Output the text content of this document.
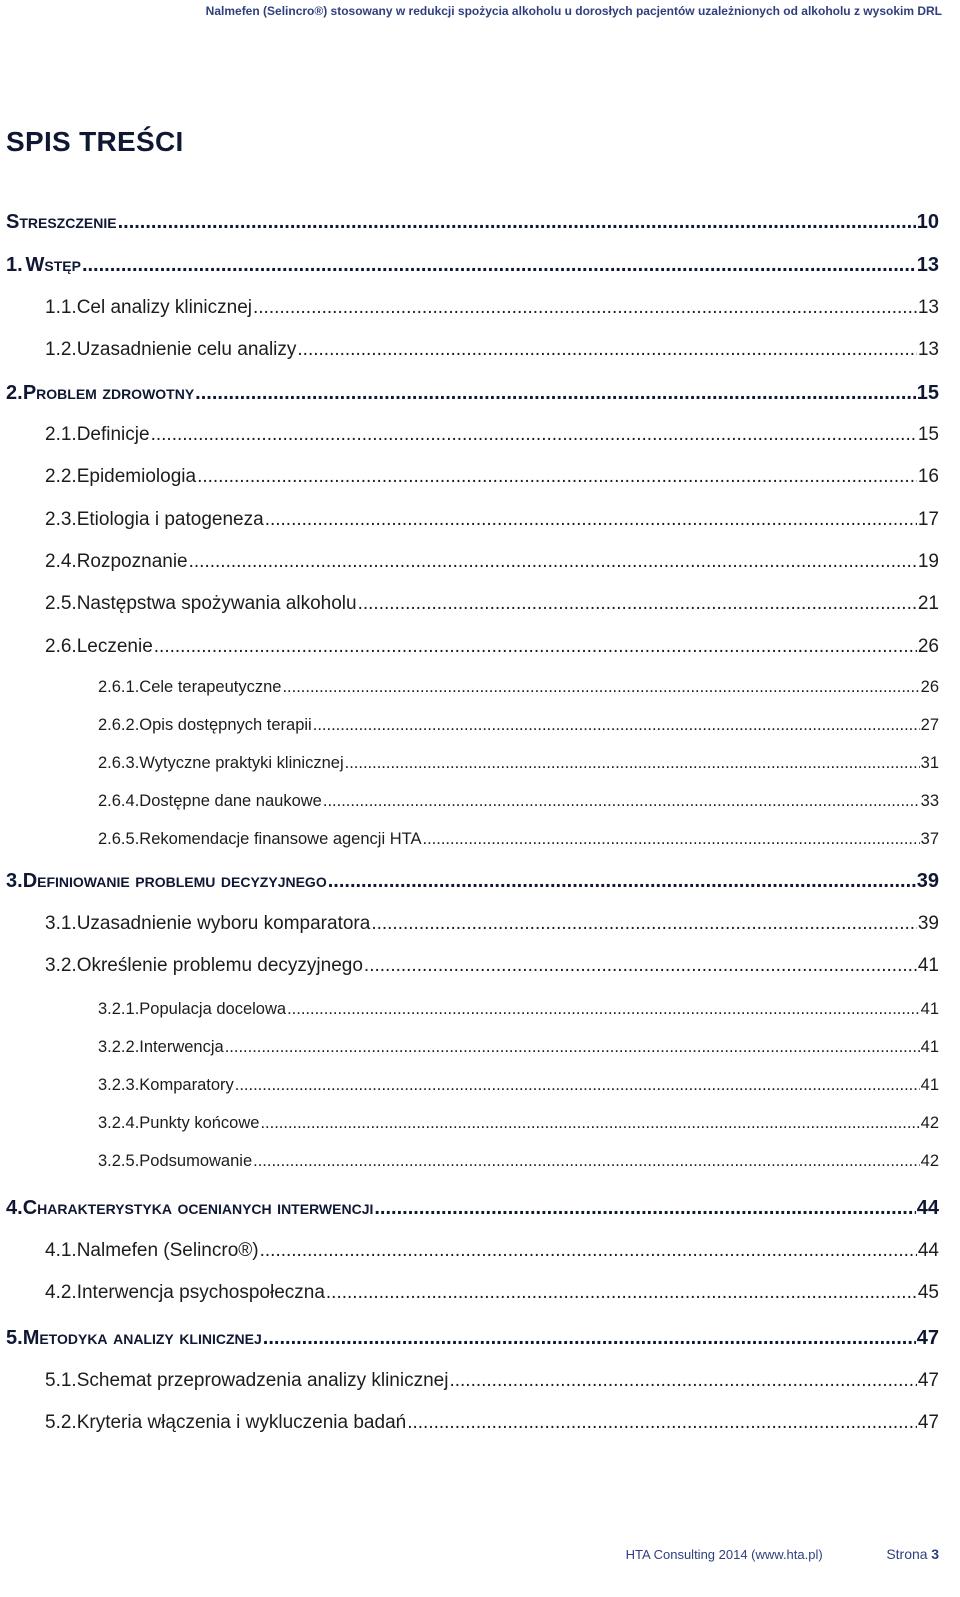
Nalmefen (Selincro®) stosowany w redukcji spożycia alkoholu u dorosłych pacjentów uzależnionych od alkoholu z wysokim DRL
SPIS TREŚCI
Streszczenie .....	10
1. Wstęp .....	13
1.1. Cel analizy klinicznej .....	13
1.2. Uzasadnienie celu analizy .....	13
2. Problem zdrowotny .....	15
2.1. Definicje .....	15
2.2. Epidemiologia .....	16
2.3. Etiologia i patogeneza .....	17
2.4. Rozpoznanie .....	19
2.5. Następstwa spożywania alkoholu .....	21
2.6. Leczenie .....	26
2.6.1. Cele terapeutyczne .....	26
2.6.2. Opis dostępnych terapii .....	27
2.6.3. Wytyczne praktyki klinicznej .....	31
2.6.4. Dostępne dane naukowe .....	33
2.6.5. Rekomendacje finansowe agencji HTA .....	37
3. Definiowanie problemu decyzyjnego .....	39
3.1. Uzasadnienie wyboru komparatora .....	39
3.2. Określenie problemu decyzyjnego .....	41
3.2.1. Populacja docelowa .....	41
3.2.2. Interwencja .....	41
3.2.3. Komparatory .....	41
3.2.4. Punkty końcowe .....	42
3.2.5. Podsumowanie .....	42
4. Charakterystyka ocenianych interwencji .....	44
4.1. Nalmefen (Selincro®) .....	44
4.2. Interwencja psychospołeczna .....	45
5. Metodyka analizy klinicznej .....	47
5.1. Schemat przeprowadzenia analizy klinicznej .....	47
5.2. Kryteria włączenia i wykluczenia badań .....	47
HTA Consulting 2014 (www.hta.pl)	Strona 3
